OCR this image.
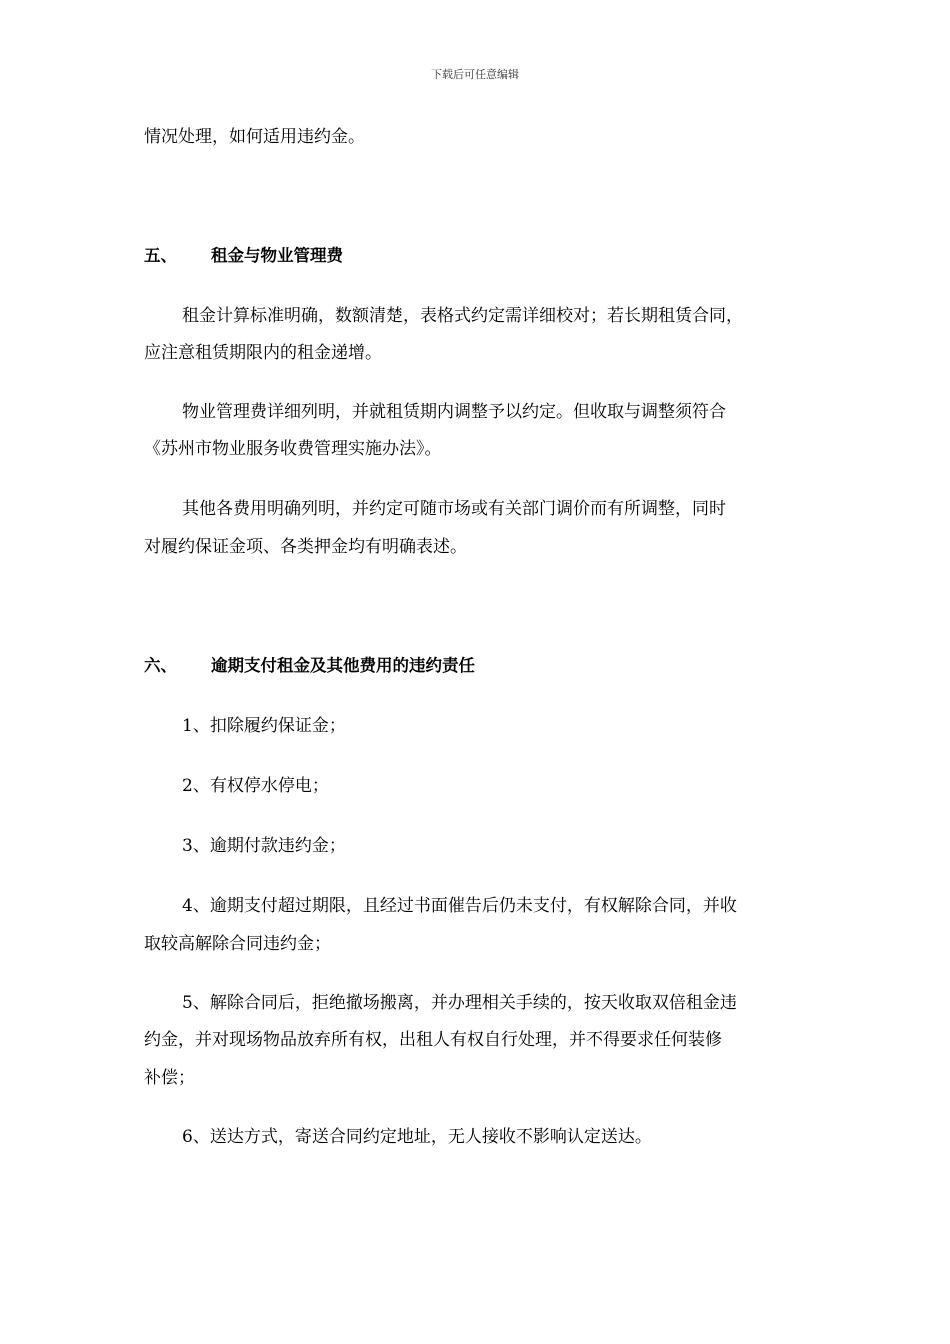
下载后可任意编辑
情况处理，如何适用违约金。
五、 租金与物业管理费
租金计算标准明确，数额清楚，表格式约定需详细校对；若长期租赁合同，
应注意租赁期限内的租金递增。
物业管理费详细列明，并就租赁期内调整予以约定。但收取与调整须符合
《苏州市物业服务收费管理实施办法》。
其他各费用明确列明，并约定可随市场或有关部门调价而有所调整，同时
对履约保证金项、各类押金均有明确表述。
六、 逾期支付租金及其他费用的违约责任
1、扣除履约保证金；
2、有权停水停电；
3、逾期付款违约金；
4、逾期支付超过期限，且经过书面催告后仍未支付，有权解除合同，并收
取较高解除合同违约金；
5、解除合同后，拒绝撤场搬离，并办理相关手续的，按天收取双倍租金违
约金，并对现场物品放弃所有权，出租人有权自行处理，并不得要求任何装修
补偿；
6、送达方式，寄送合同约定地址，无人接收不影响认定送达。
